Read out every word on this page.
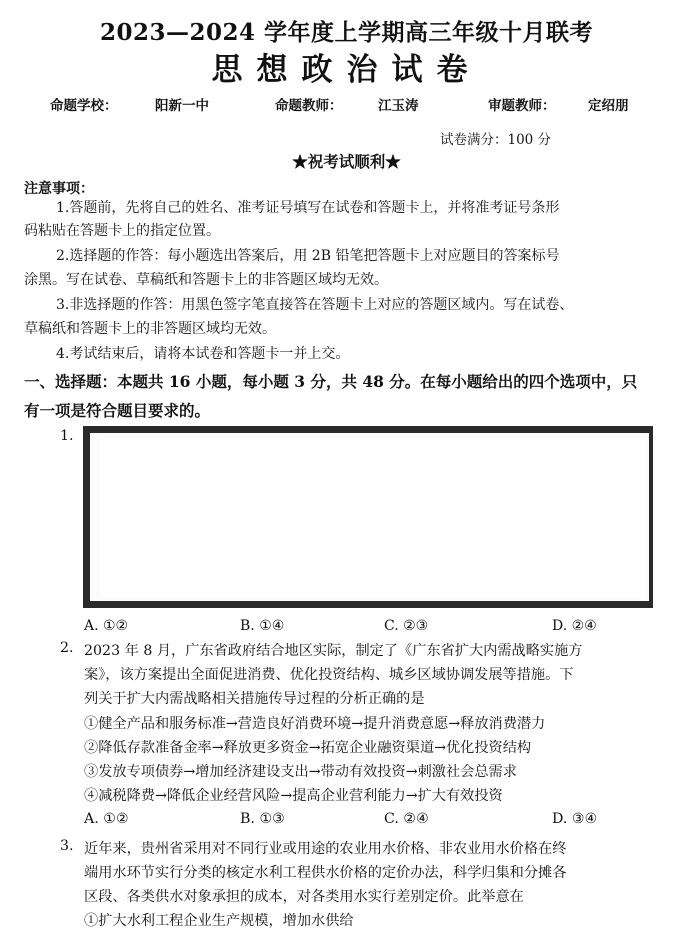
2023—2024 学年度上学期高三年级十月联考
思想政治试卷
命题学校：	阳新一中	命题教师：	江玉涛	审题教师： 定绍朋
试卷满分：100 分
★祝考试顺利★
注意事项：
1.答题前，先将自己的姓名、准考证号填写在试卷和答题卡上，并将准考证号条形
码粘贴在答题卡上的指定位置。
2.选择题的作答：每小题选出答案后，用 2B 铅笔把答题卡上对应题目的答案标号
涂黑。写在试卷、草稿纸和答题卡上的非答题区域均无效。
3.非选择题的作答：用黑色签字笔直接答在答题卡上对应的答题区域内。写在试卷、
草稿纸和答题卡上的非答题区域均无效。
4.考试结束后，请将本试卷和答题卡一并上交。
一、选择题：本题共 16 小题，每小题 3 分，共 48 分。在每小题给出的四个选项中，只
有一项是符合题目要求的。
1.
A. ①②	B. ①④	C. ②③	D. ②④
2. 2023 年 8 月，广东省政府结合地区实际，制定了《广东省扩大内需战略实施方
案》，该方案提出全面促进消费、优化投资结构、城乡区域协调发展等措施。下
列关于扩大内需战略相关措施传导过程的分析正确的是
①健全产品和服务标准→营造良好消费环境→提升消费意愿→释放消费潜力
②降低存款准备金率→释放更多资金→拓宽企业融资渠道→优化投资结构
③发放专项债券→增加经济建设支出→带动有效投资→刺激社会总需求
④减税降费→降低企业经营风险→提高企业营利能力→扩大有效投资
A. ①②	B. ①③	C. ②④	D. ③④
3. 近年来，贵州省采用对不同行业或用途的农业用水价格、非农业用水价格在终
端用水环节实行分类的核定水利工程供水价格的定价办法，科学归集和分摊各
区段、各类供水对象承担的成本，对各类用水实行差别定价。此举意在
①扩大水利工程企业生产规模，增加水供给
